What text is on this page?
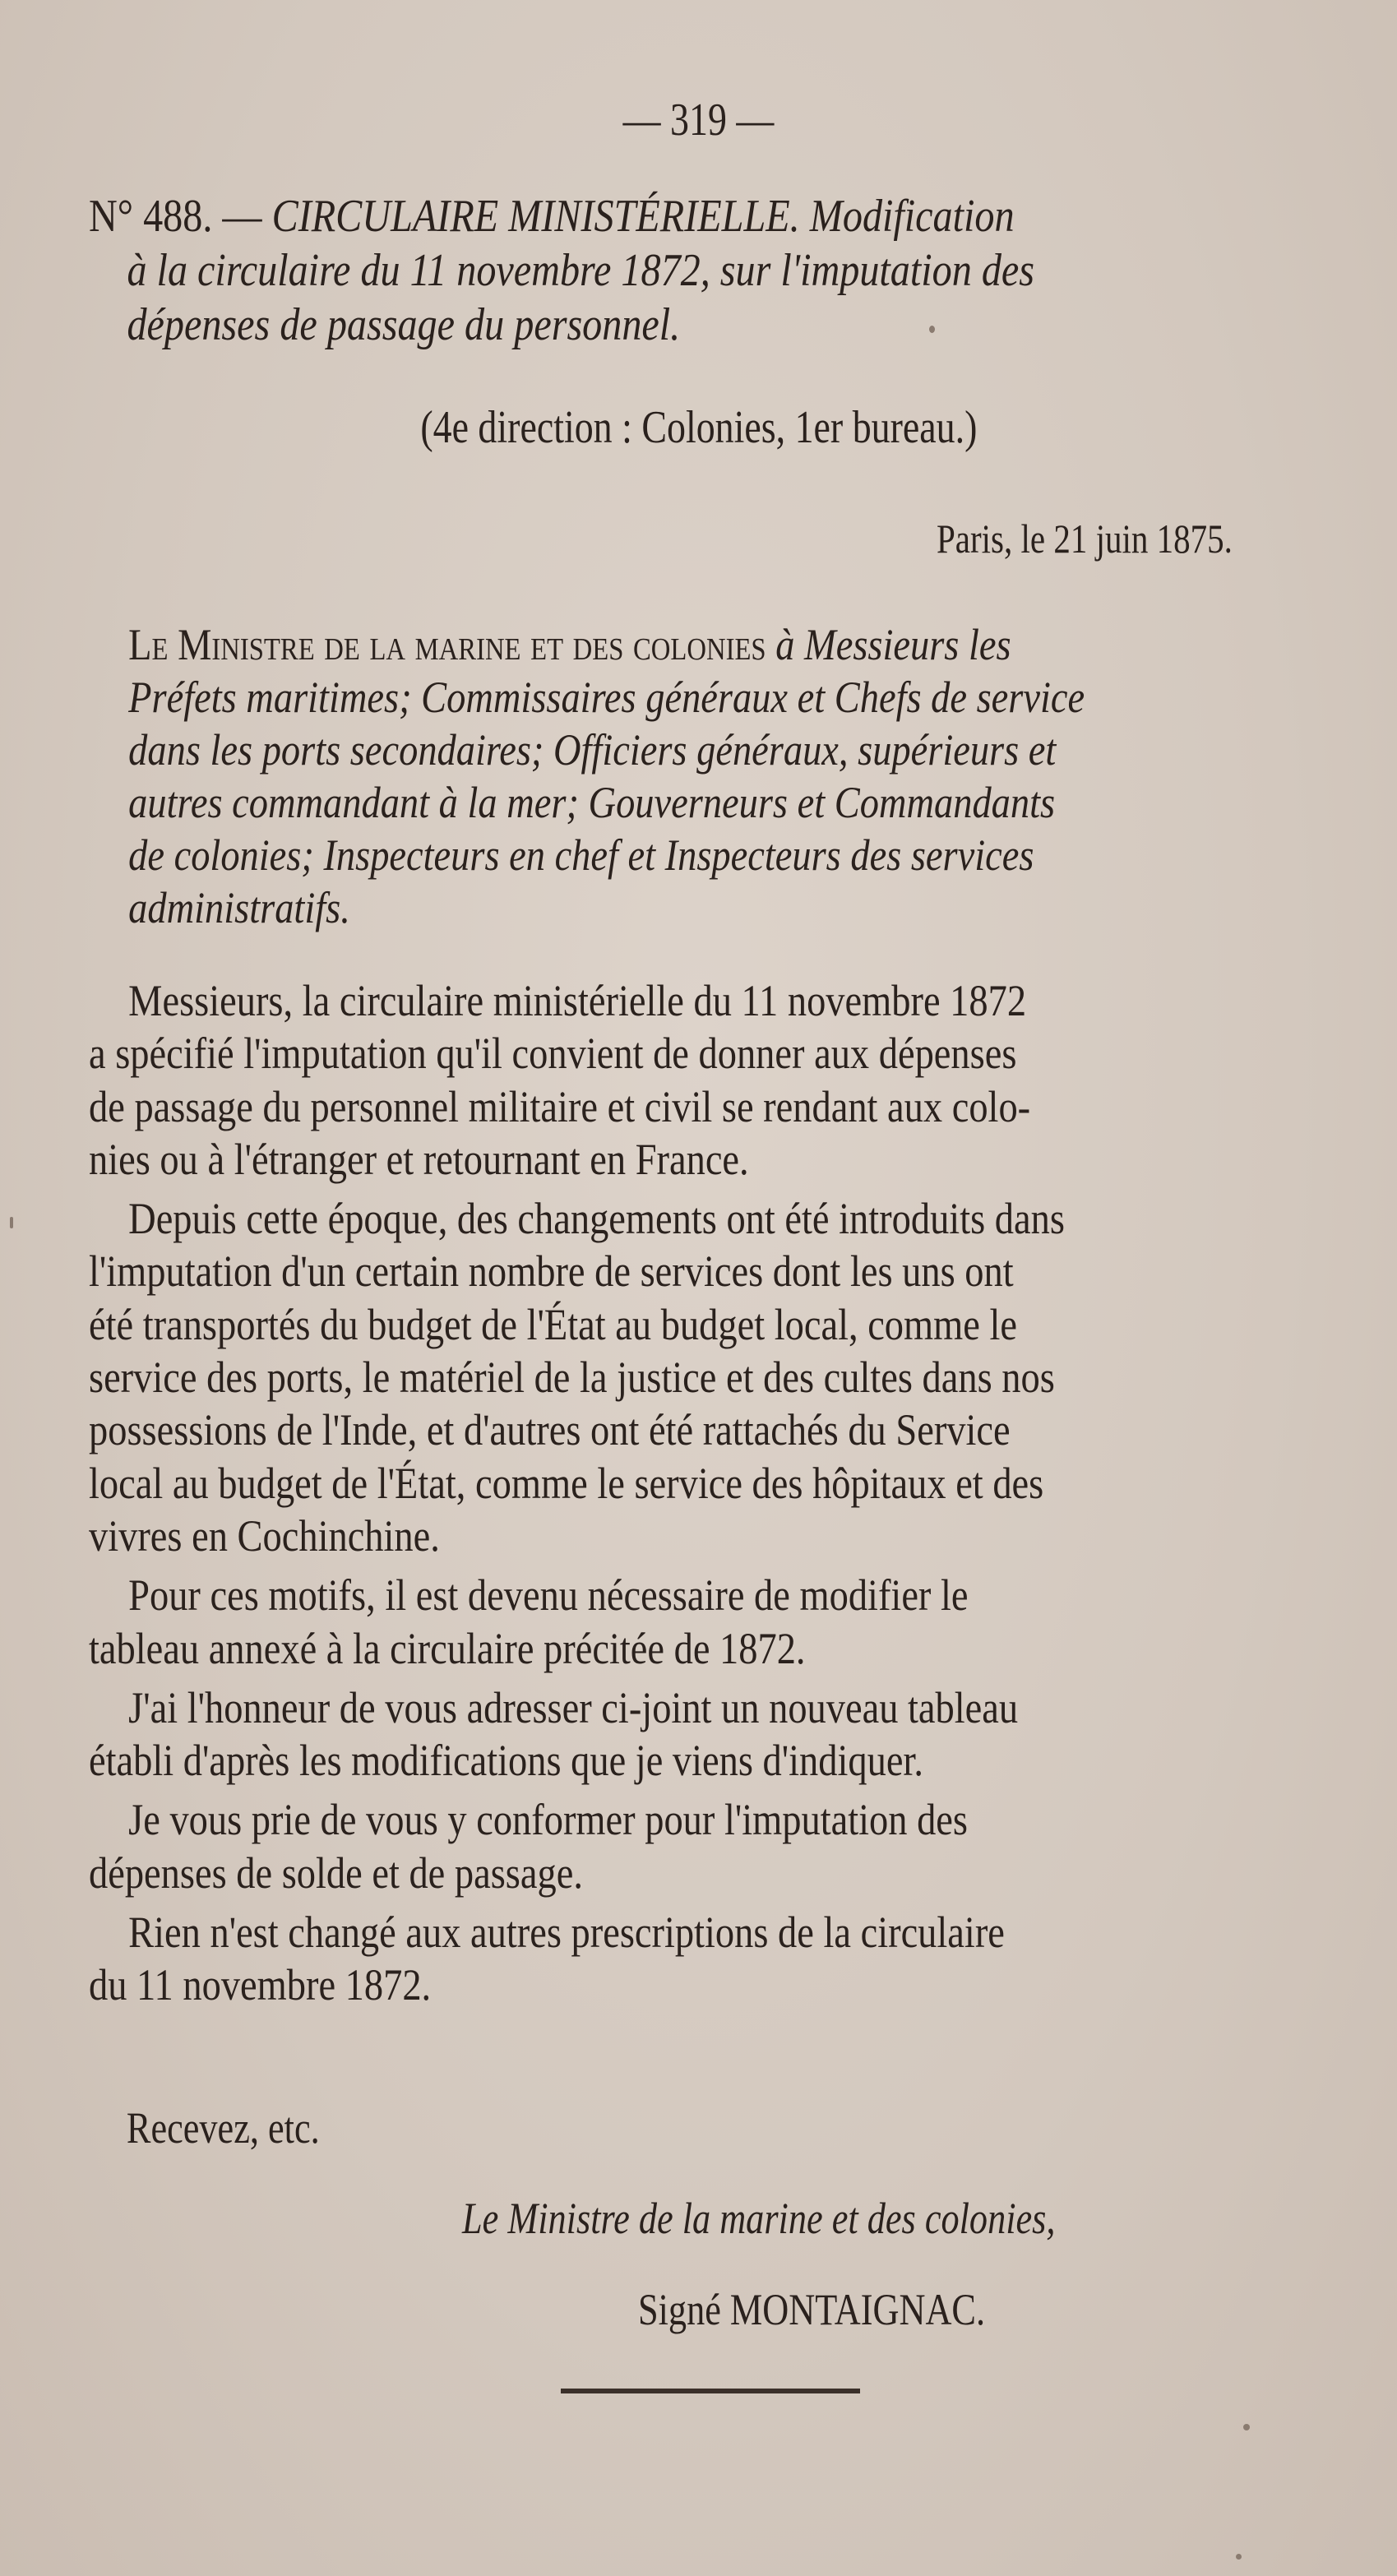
— 319 —
N° 488. — CIRCULAIRE MINISTÉRIELLE. Modification
à la circulaire du 11 novembre 1872, sur l'imputation des
dépenses de passage du personnel.
(4e direction : Colonies, 1er bureau.)
Paris, le 21 juin 1875.
Le Ministre de la marine et des colonies à Messieurs les
Préfets maritimes; Commissaires généraux et Chefs de service
dans les ports secondaires; Officiers généraux, supérieurs et
autres commandant à la mer; Gouverneurs et Commandants
de colonies; Inspecteurs en chef et Inspecteurs des services
administratifs.
Messieurs, la circulaire ministérielle du 11 novembre 1872
a spécifié l'imputation qu'il convient de donner aux dépenses
de passage du personnel militaire et civil se rendant aux colo-
nies ou à l'étranger et retournant en France.
Depuis cette époque, des changements ont été introduits dans
l'imputation d'un certain nombre de services dont les uns ont
été transportés du budget de l'État au budget local, comme le
service des ports, le matériel de la justice et des cultes dans nos
possessions de l'Inde, et d'autres ont été rattachés du Service
local au budget de l'État, comme le service des hôpitaux et des
vivres en Cochinchine.
Pour ces motifs, il est devenu nécessaire de modifier le
tableau annexé à la circulaire précitée de 1872.
J'ai l'honneur de vous adresser ci-joint un nouveau tableau
établi d'après les modifications que je viens d'indiquer.
Je vous prie de vous y conformer pour l'imputation des
dépenses de solde et de passage.
Rien n'est changé aux autres prescriptions de la circulaire
du 11 novembre 1872.
Recevez, etc.
Le Ministre de la marine et des colonies,
Signé MONTAIGNAC.
